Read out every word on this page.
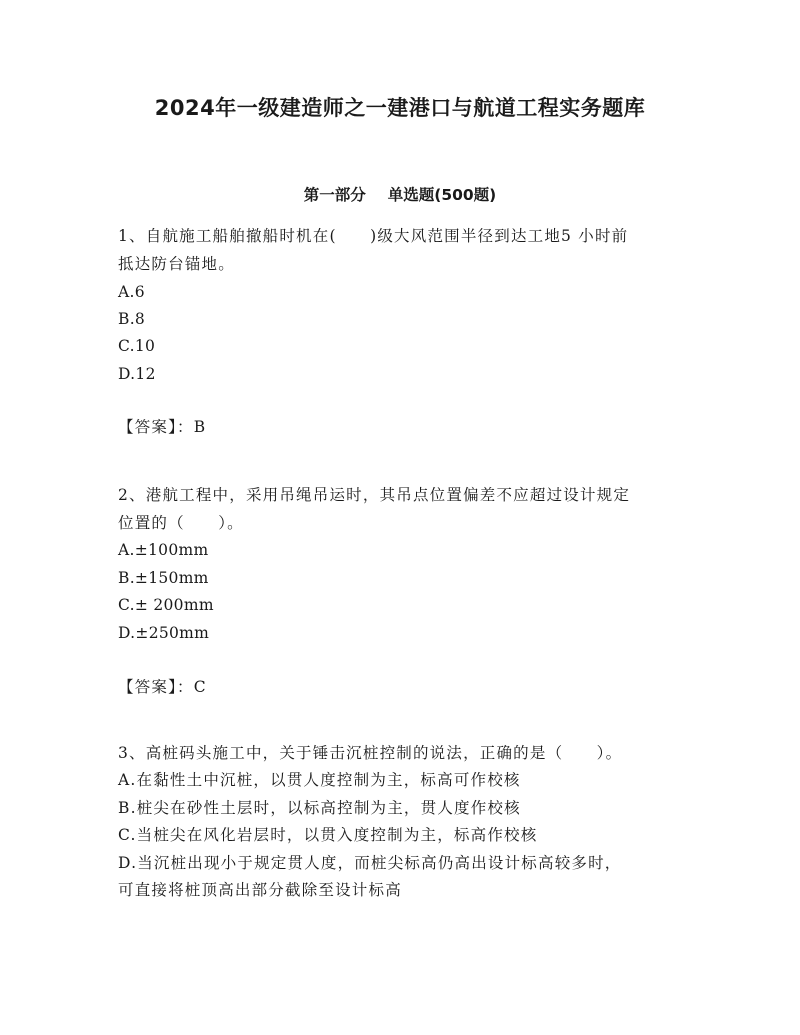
2024年一级建造师之一建港口与航道工程实务题库
第一部分 单选题(500题)
1、自航施工船舶撤船时机在(　　)级大风范围半径到达工地5 小时前
抵达防台锚地。
A.6
B.8
C.10
D.12
【答案】：B
2、港航工程中，采用吊绳吊运时，其吊点位置偏差不应超过设计规定
位置的（　　）。
A.±100mm
B.±150mm
C.± 200mm
D.±250mm
【答案】：C
3、高桩码头施工中，关于锤击沉桩控制的说法，正确的是（　　）。
A.在黏性土中沉桩，以贯人度控制为主，标高可作校核
B.桩尖在砂性土层时，以标高控制为主，贯人度作校核
C.当桩尖在风化岩层时，以贯入度控制为主，标高作校核
D.当沉桩出现小于规定贯人度，而桩尖标高仍高出设计标高较多时，
可直接将桩顶高出部分截除至设计标高
